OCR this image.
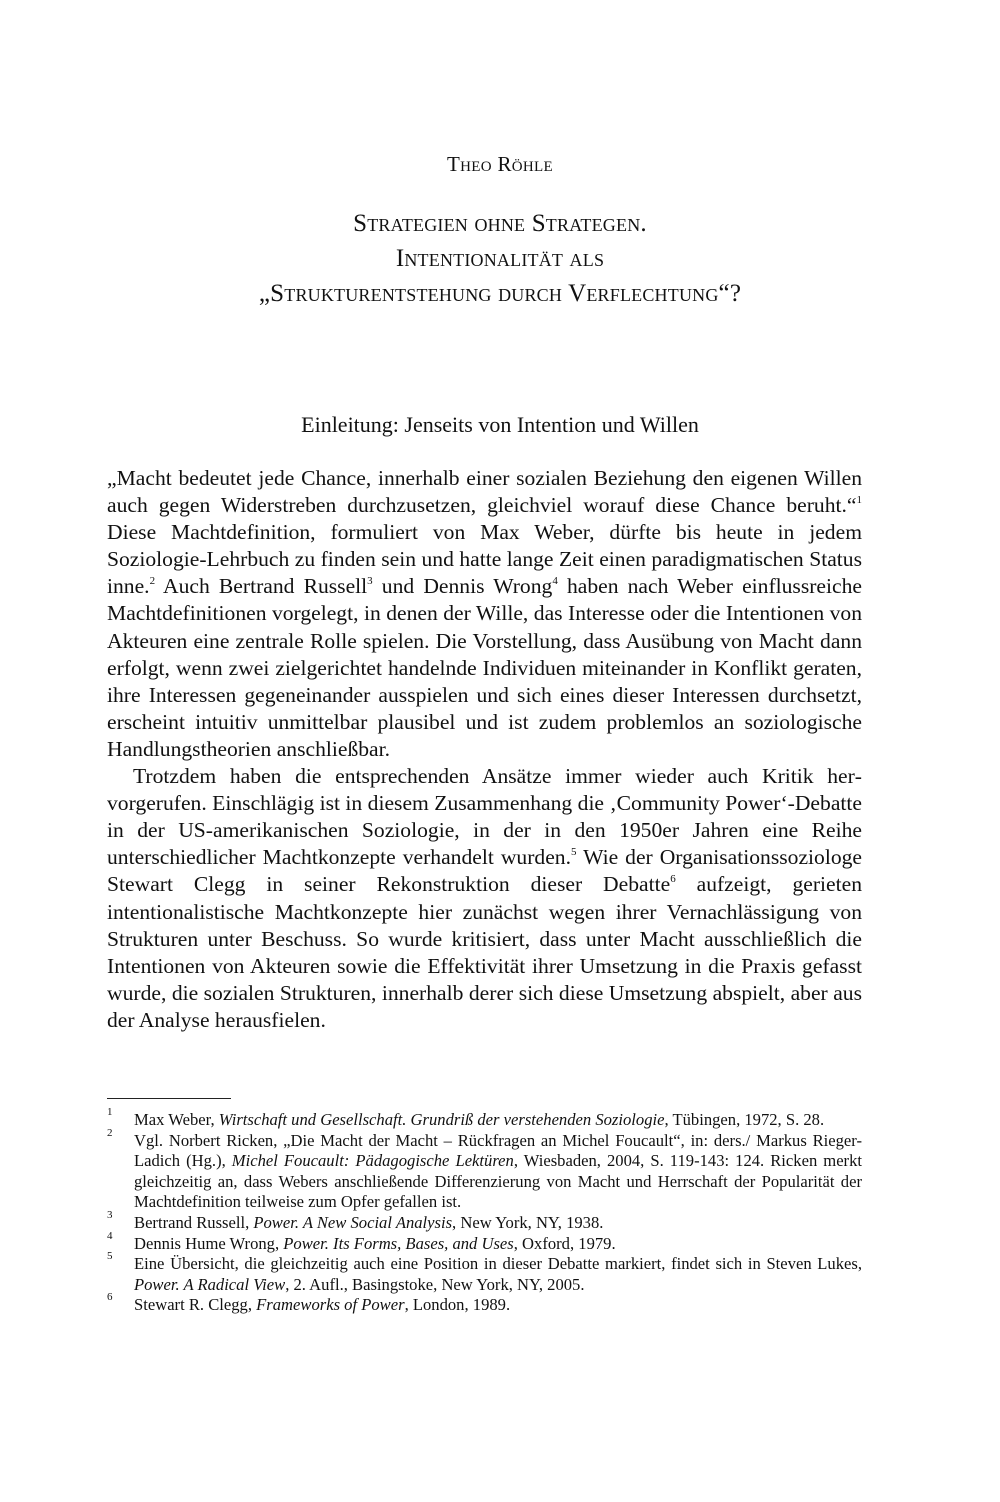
Theo Röhle
Strategien ohne Strategen.
Intentionalität als
„Strukturentstehung durch Verflechtung“?
Einleitung: Jenseits von Intention und Willen

„Macht bedeutet jede Chance, innerhalb einer sozialen Beziehung den eigenen Willen auch gegen Widerstreben durchzusetzen, gleichviel worauf diese Chance beruht.“$^1$ Diese Machtdefinition, formuliert von Max Weber, dürfte bis heute in jedem Soziologie-Lehrbuch zu finden sein und hatte lange Zeit einen paradigmatischen Status inne.$^2$ Auch Bertrand Russell$^3$ und Dennis Wrong$^4$ haben nach Weber einflussreiche Machtdefinitionen vorgelegt, in denen der Wille, das Interesse oder die Intentionen von Akteuren eine zentrale Rolle spielen. Die Vorstellung, dass Ausübung von Macht dann erfolgt, wenn zwei zielgerichtet handelnde Individuen miteinander in Konflikt geraten, ihre Interessen gegeneinander ausspielen und sich eines dieser Interessen durchsetzt, erscheint intuitiv unmittelbar plausibel und ist zudem problemlos an soziologische Handlungstheorien anschließbar.

Trotzdem haben die entsprechenden Ansätze immer wieder auch Kritik hervorgerufen. Einschlägig ist in diesem Zusammenhang die ‚Community Power‘-Debatte in der US-amerikanischen Soziologie, in der in den 1950er Jahren eine Reihe unterschiedlicher Machtkonzepte verhandelt wurden.$^5$ Wie der Organisationssoziologe Stewart Clegg in seiner Rekonstruktion dieser Debatte$^6$ aufzeigt, gerieten intentionalistische Machtkonzepte hier zunächst wegen ihrer Vernachlässigung von Strukturen unter Beschuss. So wurde kritisiert, dass unter Macht ausschließlich die Intentionen von Akteuren sowie die Effektivität ihrer Umsetzung in die Praxis gefasst wurde, die sozialen Strukturen, innerhalb derer sich diese Umsetzung abspielt, aber aus der Analyse herausfielen.

1 Max Weber, Wirtschaft und Gesellschaft. Grundriß der verstehenden Soziologie, Tübingen, 1972, S. 28.
2 Vgl. Norbert Ricken, „Die Macht der Macht – Rückfragen an Michel Foucault“, in: ders./ Markus Rieger-Ladich (Hg.), Michel Foucault: Pädagogische Lektüren, Wiesbaden, 2004, S. 119-143: 124. Ricken merkt gleichzeitig an, dass Webers anschließende Differenzierung von Macht und Herrschaft der Popularität der Machtdefinition teilweise zum Opfer gefallen ist.
3 Bertrand Russell, Power. A New Social Analysis, New York, NY, 1938.
4 Dennis Hume Wrong, Power. Its Forms, Bases, and Uses, Oxford, 1979.
5 Eine Übersicht, die gleichzeitig auch eine Position in dieser Debatte markiert, findet sich in Steven Lukes, Power. A Radical View, 2. Aufl., Basingstoke, New York, NY, 2005.
6 Stewart R. Clegg, Frameworks of Power, London, 1989.
